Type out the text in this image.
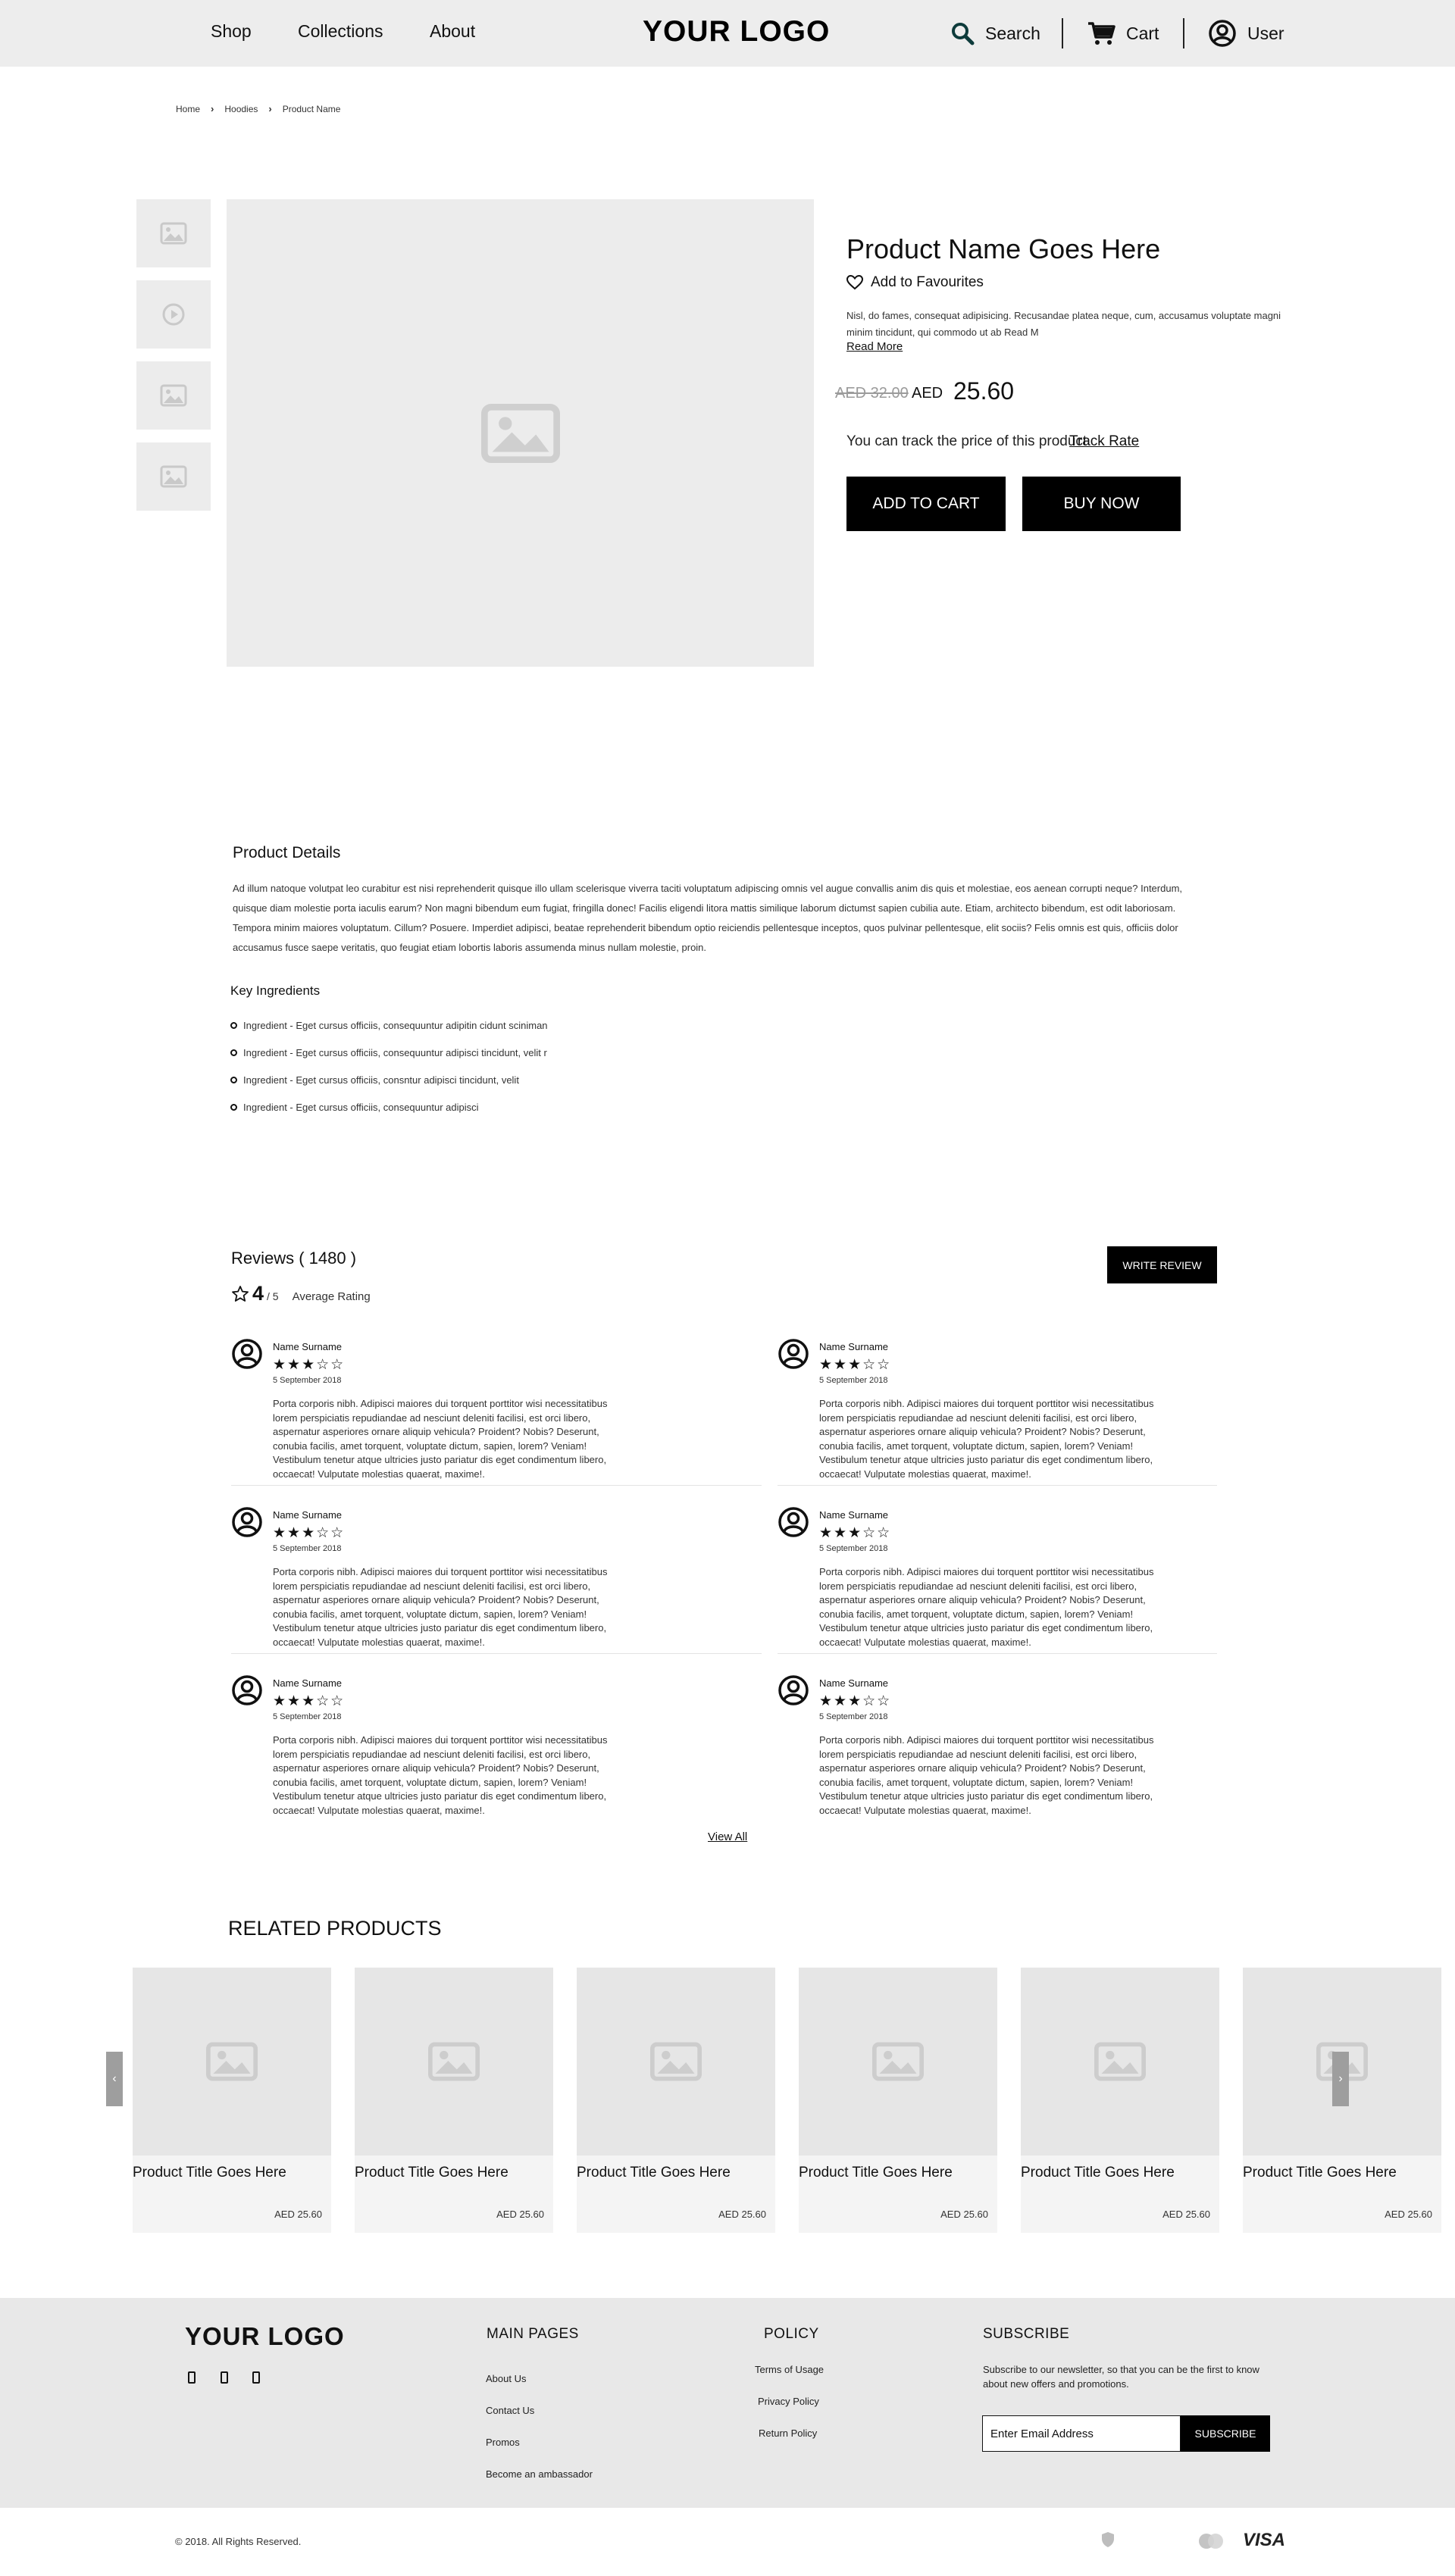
Shop	Collections	About	YOUR LOGO	Search	Cart	User
Home › Hoodies › Product Name
Product Name Goes Here
Add to Favourites
Nisl, do fames, consequat adipisicing. Recusandae platea neque, cum, accusamus voluptate magni minim tincidunt, qui commodo ut ab Read M
Read More
AED 32.00 AED 25.60
You can track the price of this product
Track Rate
ADD TO CART	BUY NOW
Product Details
Ad illum natoque volutpat leo curabitur est nisi reprehenderit quisque illo ullam scelerisque viverra taciti voluptatum adipiscing omnis vel augue convallis anim dis quis et molestiae, eos aenean corrupti neque? Interdum, quisque diam molestie porta iaculis earum? Non magni bibendum eum fugiat, fringilla donec! Facilis eligendi litora mattis similique laborum dictumst sapien cubilia aute. Etiam, architecto bibendum, est odit laboriosam. Tempora minim maiores voluptatum. Cillum? Posuere. Imperdiet adipisci, beatae reprehenderit bibendum optio reiciendis pellentesque inceptos, quos pulvinar pellentesque, elit sociis? Felis omnis est quis, officiis dolor accusamus fusce saepe veritatis, quo feugiat etiam lobortis laboris assumenda minus nullam molestie, proin.
Key Ingredients
Ingredient - Eget cursus officiis, consequuntur adipitin cidunt sciniman
Ingredient - Eget cursus officiis, consequuntur adipisci tincidunt, velit r
Ingredient - Eget cursus officiis, consntur adipisci tincidunt, velit
Ingredient - Eget cursus officiis, consequuntur adipisci
Reviews ( 1480 )	WRITE REVIEW
4 / 5 Average Rating
Name Surname
★★★☆☆
5 September 2018
Porta corporis nibh. Adipisci maiores dui torquent porttitor wisi necessitatibus lorem perspiciatis repudiandae ad nesciunt deleniti facilisi, est orci libero, aspernatur asperiores ornare aliquip vehicula? Proident? Nobis? Deserunt, conubia facilis, amet torquent, voluptate dictum, sapien, lorem? Veniam! Vestibulum tenetur atque ultricies justo pariatur dis eget condimentum libero, occaecat! Vulputate molestias quaerat, maxime!.
Name Surname
★★★☆☆
5 September 2018
Porta corporis nibh. Adipisci maiores dui torquent porttitor wisi necessitatibus lorem perspiciatis repudiandae ad nesciunt deleniti facilisi, est orci libero, aspernatur asperiores ornare aliquip vehicula? Proident? Nobis? Deserunt, conubia facilis, amet torquent, voluptate dictum, sapien, lorem? Veniam! Vestibulum tenetur atque ultricies justo pariatur dis eget condimentum libero, occaecat! Vulputate molestias quaerat, maxime!.
Name Surname
★★★☆☆
5 September 2018
Porta corporis nibh. Adipisci maiores dui torquent porttitor wisi necessitatibus lorem perspiciatis repudiandae ad nesciunt deleniti facilisi, est orci libero, aspernatur asperiores ornare aliquip vehicula? Proident? Nobis? Deserunt, conubia facilis, amet torquent, voluptate dictum, sapien, lorem? Veniam! Vestibulum tenetur atque ultricies justo pariatur dis eget condimentum libero, occaecat! Vulputate molestias quaerat, maxime!.
Name Surname
★★★☆☆
5 September 2018
Porta corporis nibh. Adipisci maiores dui torquent porttitor wisi necessitatibus lorem perspiciatis repudiandae ad nesciunt deleniti facilisi, est orci libero, aspernatur asperiores ornare aliquip vehicula? Proident? Nobis? Deserunt, conubia facilis, amet torquent, voluptate dictum, sapien, lorem? Veniam! Vestibulum tenetur atque ultricies justo pariatur dis eget condimentum libero, occaecat! Vulputate molestias quaerat, maxime!.
Name Surname
★★★☆☆
5 September 2018
Porta corporis nibh. Adipisci maiores dui torquent porttitor wisi necessitatibus lorem perspiciatis repudiandae ad nesciunt deleniti facilisi, est orci libero, aspernatur asperiores ornare aliquip vehicula? Proident? Nobis? Deserunt, conubia facilis, amet torquent, voluptate dictum, sapien, lorem? Veniam! Vestibulum tenetur atque ultricies justo pariatur dis eget condimentum libero, occaecat! Vulputate molestias quaerat, maxime!.
Name Surname
★★★☆☆
5 September 2018
Porta corporis nibh. Adipisci maiores dui torquent porttitor wisi necessitatibus lorem perspiciatis repudiandae ad nesciunt deleniti facilisi, est orci libero, aspernatur asperiores ornare aliquip vehicula? Proident? Nobis? Deserunt, conubia facilis, amet torquent, voluptate dictum, sapien, lorem? Veniam! Vestibulum tenetur atque ultricies justo pariatur dis eget condimentum libero, occaecat! Vulputate molestias quaerat, maxime!.
View All
RELATED PRODUCTS
‹
Product Title Goes Here
AED 25.60
Product Title Goes Here
AED 25.60
Product Title Goes Here
AED 25.60
Product Title Goes Here
AED 25.60
Product Title Goes Here
AED 25.60
Product Title Goes Here
AED 25.60
›
YOUR LOGO	MAIN PAGES
About Us
Contact Us
Promos
Become an ambassador
POLICY
Terms of Usage
Privacy Policy
Return Policy
SUBSCRIBE
Subscribe to our newsletter, so that you can be the first to know about new offers and promotions.
Enter Email Address
SUBSCRIBE
© 2018. All Rights Reserved.	VISA
